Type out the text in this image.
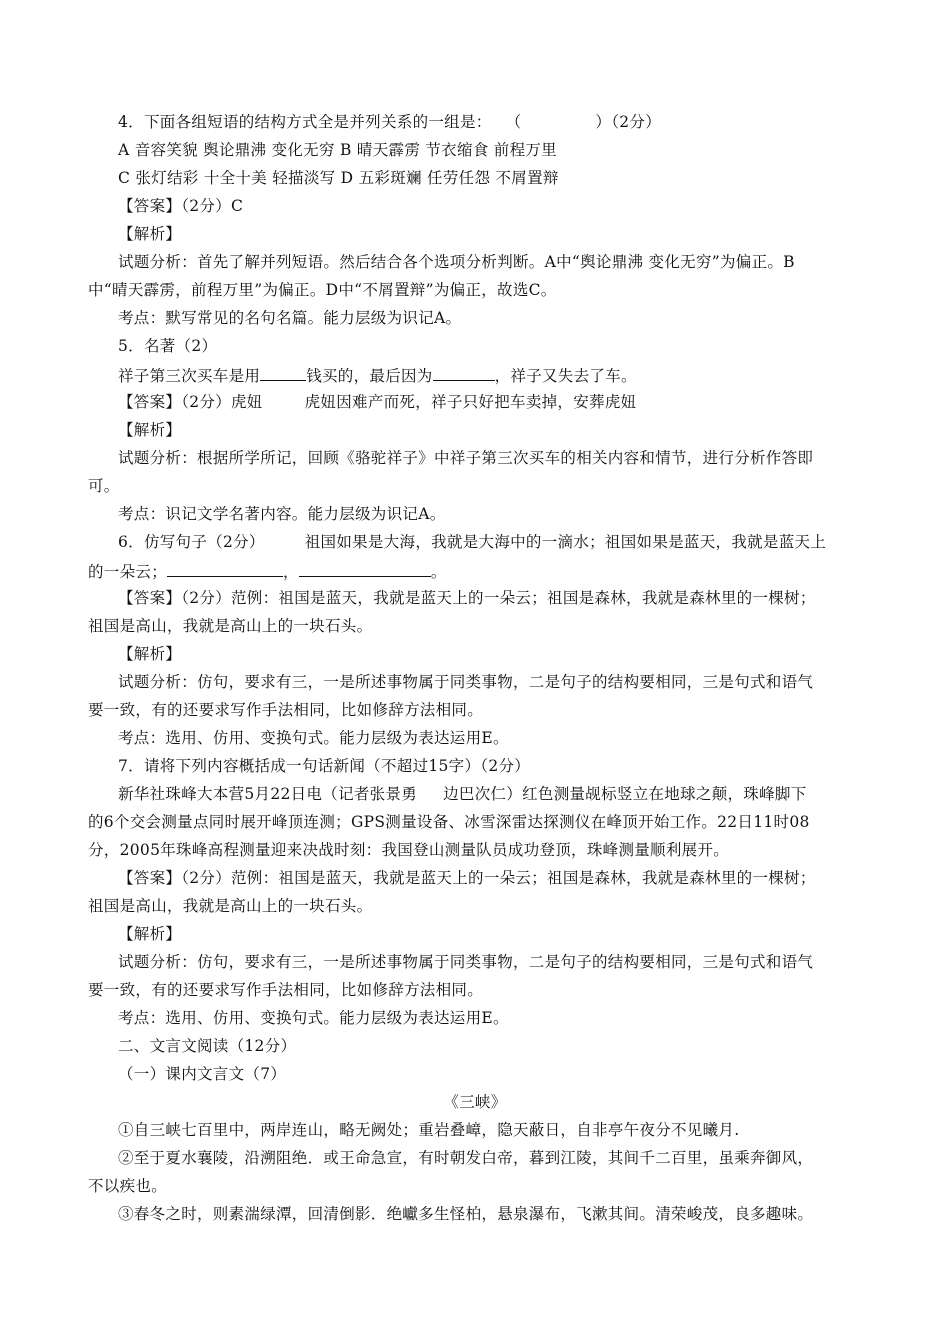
4．下面各组短语的结构方式全是并列关系的一组是： （	）（2分）
A 音容笑貌 舆论鼎沸 变化无穷 B 晴天霹雳 节衣缩食 前程万里
C 张灯结彩 十全十美 轻描淡写 D 五彩斑斓 任劳任怨 不屑置辩
【答案】（2分）C
【解析】
试题分析：首先了解并列短语。然后结合各个选项分析判断。A中“舆论鼎沸 变化无穷”为偏正。B
中“晴天霹雳，前程万里”为偏正。D中“不屑置辩”为偏正，故选C。
考点：默写常见的名句名篇。能力层级为识记A。
5．名著（2）
祥子第三次买车是用	钱买的，最后因为	，祥子又失去了车。
【答案】（2分）虎妞	虎妞因难产而死，祥子只好把车卖掉，安葬虎妞
【解析】
试题分析：根据所学所记，回顾《骆驼祥子》中祥子第三次买车的相关内容和情节，进行分析作答即
可。
考点：识记文学名著内容。能力层级为识记A。
6．仿写句子（2分）	祖国如果是大海，我就是大海中的一滴水；祖国如果是蓝天，我就是蓝天上
的一朵云；	，	。
【答案】（2分）范例：祖国是蓝天，我就是蓝天上的一朵云；祖国是森林，我就是森林里的一棵树；
祖国是高山，我就是高山上的一块石头。
【解析】
试题分析：仿句，要求有三，一是所述事物属于同类事物，二是句子的结构要相同，三是句式和语气
要一致，有的还要求写作手法相同，比如修辞方法相同。
考点：选用、仿用、变换句式。能力层级为表达运用E。
7．请将下列内容概括成一句话新闻（不超过15字）（2分）
新华社珠峰大本营5月22日电（记者张景勇 边巴次仁）红色测量觇标竖立在地球之颠，珠峰脚下
的6个交会测量点同时展开峰顶连测；GPS测量设备、冰雪深雷达探测仪在峰顶开始工作。22日11时08
分，2005年珠峰高程测量迎来决战时刻：我国登山测量队员成功登顶，珠峰测量顺利展开。
【答案】（2分）范例：祖国是蓝天，我就是蓝天上的一朵云；祖国是森林，我就是森林里的一棵树；
祖国是高山，我就是高山上的一块石头。
【解析】
试题分析：仿句，要求有三，一是所述事物属于同类事物，二是句子的结构要相同，三是句式和语气
要一致，有的还要求写作手法相同，比如修辞方法相同。
考点：选用、仿用、变换句式。能力层级为表达运用E。
二、文言文阅读（12分）
（一）课内文言文（7）
《三峡》
①自三峡七百里中，两岸连山，略无阙处；重岩叠嶂，隐天蔽日，自非亭午夜分不见曦月.
②至于夏水襄陵，沿溯阻绝．或王命急宣，有时朝发白帝，暮到江陵，其间千二百里，虽乘奔御风，
不以疾也。
③春冬之时，则素湍绿潭，回清倒影．绝巘多生怪柏，悬泉瀑布，飞漱其间。清荣峻茂，良多趣味。
